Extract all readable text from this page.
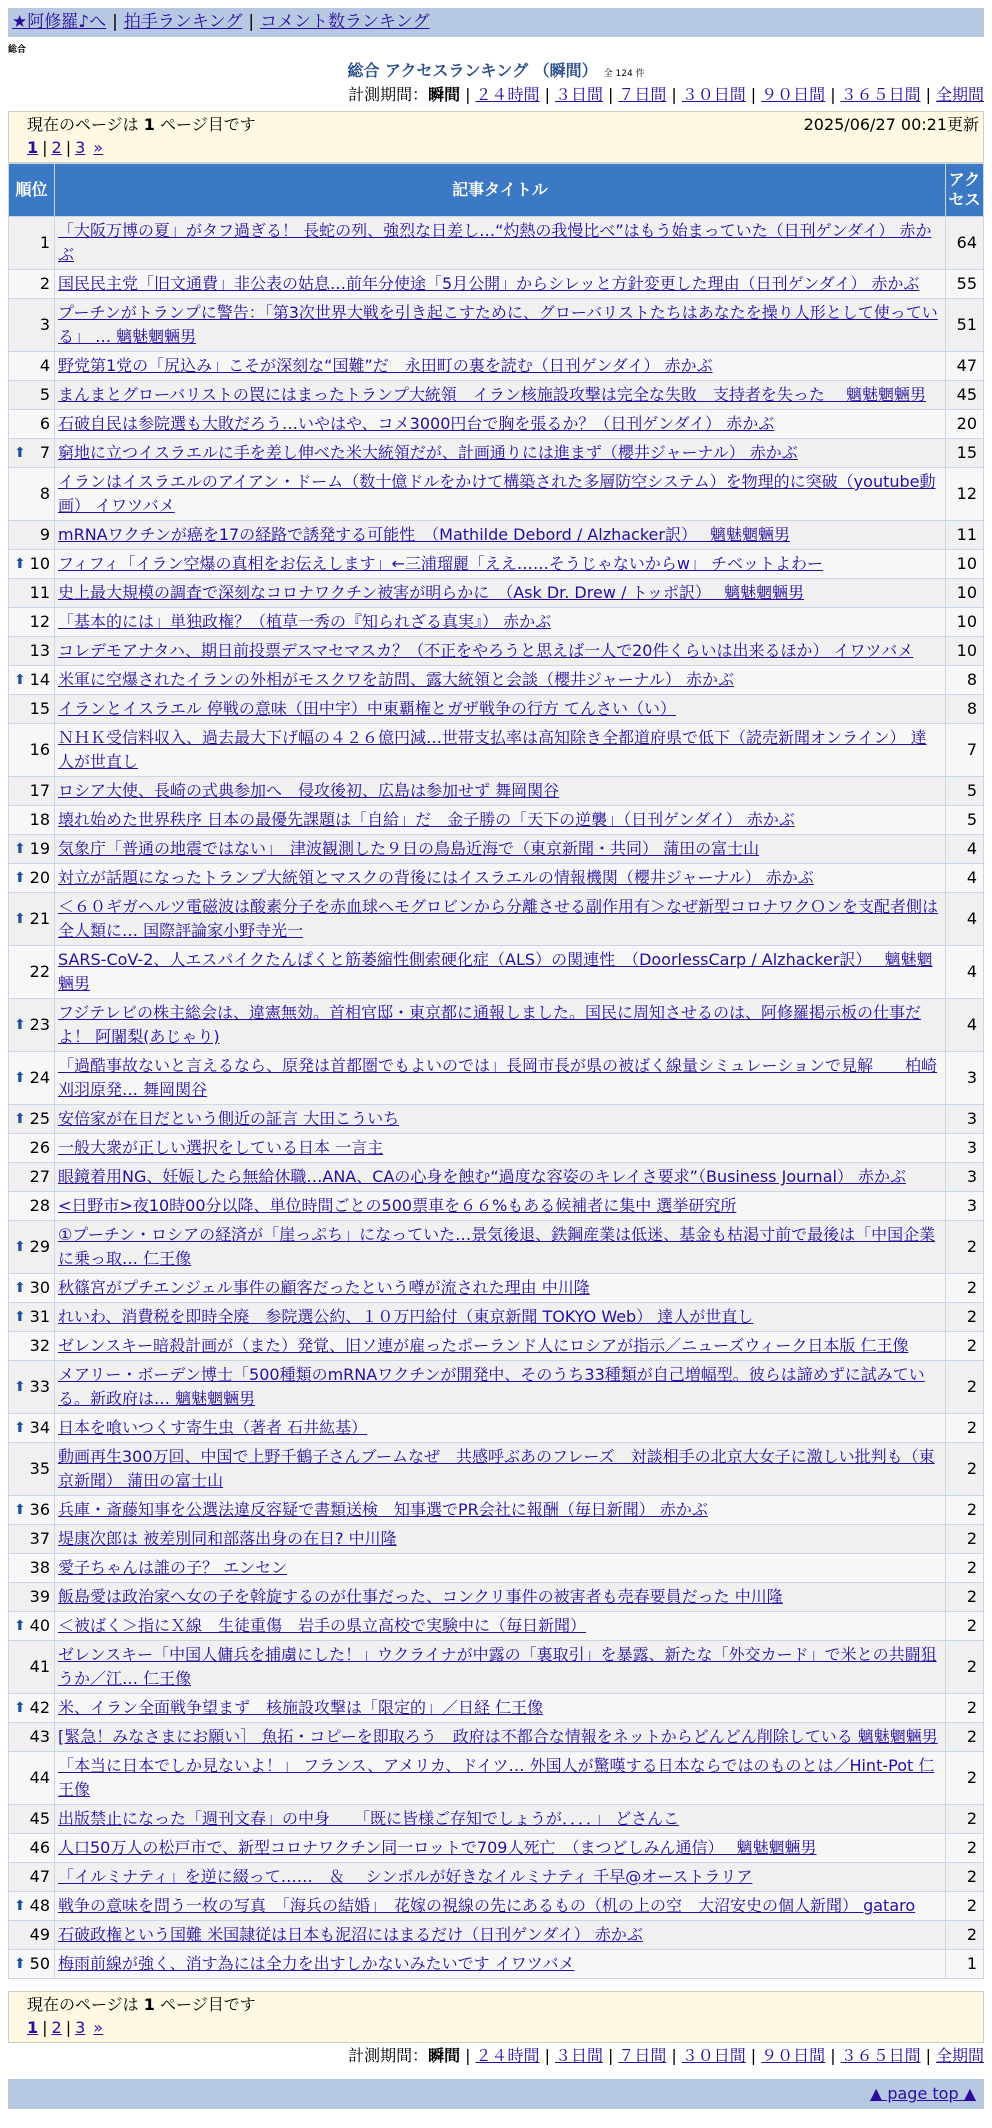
★阿修羅♪へ | 拍手ランキング | コメント数ランキング
総合
総合 アクセスランキング （瞬間） 全 124 件
計測期間：瞬間 | ２４時間 | ３日間 | ７日間 | ３０日間 | ９０日間 | ３６５日間 | 全期間
現在のページは 1 ページ目です	2025/06/27 00:21更新
1 | 2 | 3 »
順位	記事タイトル	アクセス
1	「大阪万博の夏」がタフ過ぎる！ 長蛇の列、強烈な日差し…“灼熱の我慢比べ”はもう始まっていた（日刊ゲンダイ） 赤かぶ	64
2	国民民主党「旧文通費」非公表の姑息…前年分使途「5月公開」からシレッと方針変更した理由（日刊ゲンダイ） 赤かぶ	55
3	プーチンがトランプに警告：「第3次世界大戦を引き起こすために、グローバリストたちはあなたを操り人形として使っている」 … 魑魅魍魎男	51
4	野党第1党の「尻込み」こそが深刻な“国難”だ　永田町の裏を読む（日刊ゲンダイ） 赤かぶ	47
5	まんまとグローバリストの罠にはまったトランプ大統領　イラン核施設攻撃は完全な失敗　支持者を失った　 魑魅魍魎男	45
6	石破自民は参院選も大敗だろう…いやはや、コメ3000円台で胸を張るか？（日刊ゲンダイ） 赤かぶ	20

⬆ 7	窮地に立つイスラエルに手を差し伸べた米大統領だが、計画通りには進まず（櫻井ジャーナル） 赤かぶ	15
8	イランはイスラエルのアイアン・ドーム（数十億ドルをかけて構築された多層防空システム）を物理的に突破（youtube動画） イワツバメ	12
9	mRNAワクチンが癌を17の経路で誘発する可能性　（Mathilde Debord / Alzhacker訳）　 魑魅魍魎男	11

⬆ 10	フィフィ「イラン空爆の真相をお伝えします」←三浦瑠麗「ええ……そうじゃないからw」 チベットよわー	10
11	史上最大規模の調査で深刻なコロナワクチン被害が明らかに　（Ask Dr. Drew / トッポ訳）　 魑魅魍魎男	10
12	「基本的には」単独政権？（植草一秀の『知られざる真実』） 赤かぶ	10
13	コレデモアナタハ、期日前投票デスマセマスカ？（不正をやろうと思えば一人で20件くらいは出来るほか） イワツバメ	10

⬆ 14	米軍に空爆されたイランの外相がモスクワを訪問、露大統領と会談（櫻井ジャーナル） 赤かぶ	8
15	イランとイスラエル 停戦の意味（田中宇）中東覇権とガザ戦争の行方 てんさい（い）	8
16	ＮＨＫ受信料収入、過去最大下げ幅の４２６億円減…世帯支払率は高知除き全都道府県で低下（読売新聞オンライン） 達人が世直し	7
17	ロシア大使、長崎の式典参加へ　侵攻後初、広島は参加せず 舞岡関谷	5
18	壊れ始めた世界秩序 日本の最優先課題は「自給」だ　金子勝の「天下の逆襲」（日刊ゲンダイ） 赤かぶ	5

⬆ 19	気象庁「普通の地震ではない」　津波観測した９日の鳥島近海で（東京新聞・共同） 蒲田の富士山	4

⬆ 20	対立が話題になったトランプ大統領とマスクの背後にはイスラエルの情報機関（櫻井ジャーナル） 赤かぶ	4

⬆ 21	＜６０ギガヘルツ電磁波は酸素分子を赤血球ヘモグロビンから分離させる副作用有＞なぜ新型コロナワクＯンを支配者側は全人類に… 国際評論家小野寺光一	4
22	SARS-CoV-2、人エスパイクたんぱくと筋萎縮性側索硬化症（ALS）の関連性　（DoorlessCarp / Alzhacker訳）　 魑魅魍魎男	4

⬆ 23	フジテレビの株主総会は、違憲無効。首相官邸・東京都に通報しました。国民に周知させるのは、阿修羅掲示板の仕事だよ！ 阿闍梨(あじゃり)	4

⬆ 24	「過酷事故ないと言えるなら、原発は首都圏でもよいのでは」長岡市長が県の被ばく線量シミュレーションで見解　　柏崎刈羽原発… 舞岡関谷	3

⬆ 25	安倍家が在日だという側近の証言 大田こういち	3
26	一般大衆が正しい選択をしている日本 一言主	3
27	眼鏡着用NG、妊娠したら無給休職…ANA、CAの心身を蝕む“過度な容姿のキレイさ要求”（Business Journal） 赤かぶ	3
28	<日野市>夜10時00分以降、単位時間ごとの500票車を６６%もある候補者に集中 選挙研究所	3

⬆ 29	①プーチン・ロシアの経済が「崖っぷち」になっていた…景気後退、鉄鋼産業は低迷、基金も枯渇寸前で最後は「中国企業に乗っ取… 仁王像	2

⬆ 30	秋篠宮がプチエンジェル事件の顧客だったという噂が流された理由 中川隆	2

⬆ 31	れいわ、消費税を即時全廃　参院選公約、１０万円給付（東京新聞 TOKYO Web） 達人が世直し	2
32	ゼレンスキー暗殺計画が（また）発覚、旧ソ連が雇ったポーランド人にロシアが指示／ニューズウィーク日本版 仁王像	2

⬆ 33	メアリー・ボーデン博士「500種類のmRNAワクチンが開発中、そのうち33種類が自己増幅型。彼らは諦めずに試みている。新政府は… 魑魅魍魎男	2

⬆ 34	日本を喰いつくす寄生虫（著者 石井紘基）	2
35	動画再生300万回、中国で上野千鶴子さんブームなぜ　共感呼ぶあのフレーズ　対談相手の北京大女子に激しい批判も（東京新聞） 蒲田の富士山	2

⬆ 36	兵庫・斎藤知事を公選法違反容疑で書類送検　知事選でPR会社に報酬（毎日新聞） 赤かぶ	2
37	堤康次郎は 被差別同和部落出身の在日? 中川隆	2
38	愛子ちゃんは誰の子？ エンセン	2
39	飯島愛は政治家へ女の子を斡旋するのが仕事だった、コンクリ事件の被害者も売春要員だった 中川隆	2

⬆ 40	＜被ばく＞指にＸ線　生徒重傷　岩手の県立高校で実験中に（毎日新聞）	2
41	ゼレンスキー「中国人傭兵を捕虜にした！」ウクライナが中露の「裏取引」を暴露、新たな「外交カード」で米との共闘狙うか／江… 仁王像	2

⬆ 42	米、イラン全面戦争望まず　核施設攻撃は「限定的」／日経 仁王像	2
43	[緊急！みなさまにお願い］ 魚拓・コピーを即取ろう　政府は不都合な情報をネットからどんどん削除している 魑魅魍魎男	2
44	「本当に日本でしか見ないよ！」 フランス、アメリカ、ドイツ… 外国人が驚嘆する日本ならではのものとは／Hint-Pot 仁王像	2
45	出版禁止になった「週刊文春」の中身　　「既に皆様ご存知でしょうが．．．．」 どさんこ	2
46	人口50万人の松戸市で、新型コロナワクチン同一ロットで709人死亡　（まつどしみん通信）　 魑魅魍魎男	2
47	「イルミナティ」を逆に綴って……　＆　 シンボルが好きなイルミナティ 千早@オーストラリア	2

⬆ 48	戦争の意味を問う一枚の写真　「海兵の結婚」　花嫁の視線の先にあるもの（机の上の空　大沼安史の個人新聞） gataro	2
49	石破政権という国難 米国隷従は日本も泥沼にはまるだけ（日刊ゲンダイ） 赤かぶ	2

⬆ 50	梅雨前線が強く、消す為には全力を出すしかないみたいです イワツバメ	1
現在のページは 1 ページ目です
1 | 2 | 3 »
計測期間：瞬間 | ２４時間 | ３日間 | ７日間 | ３０日間 | ９０日間 | ３６５日間 | 全期間
▲ page top ▲
